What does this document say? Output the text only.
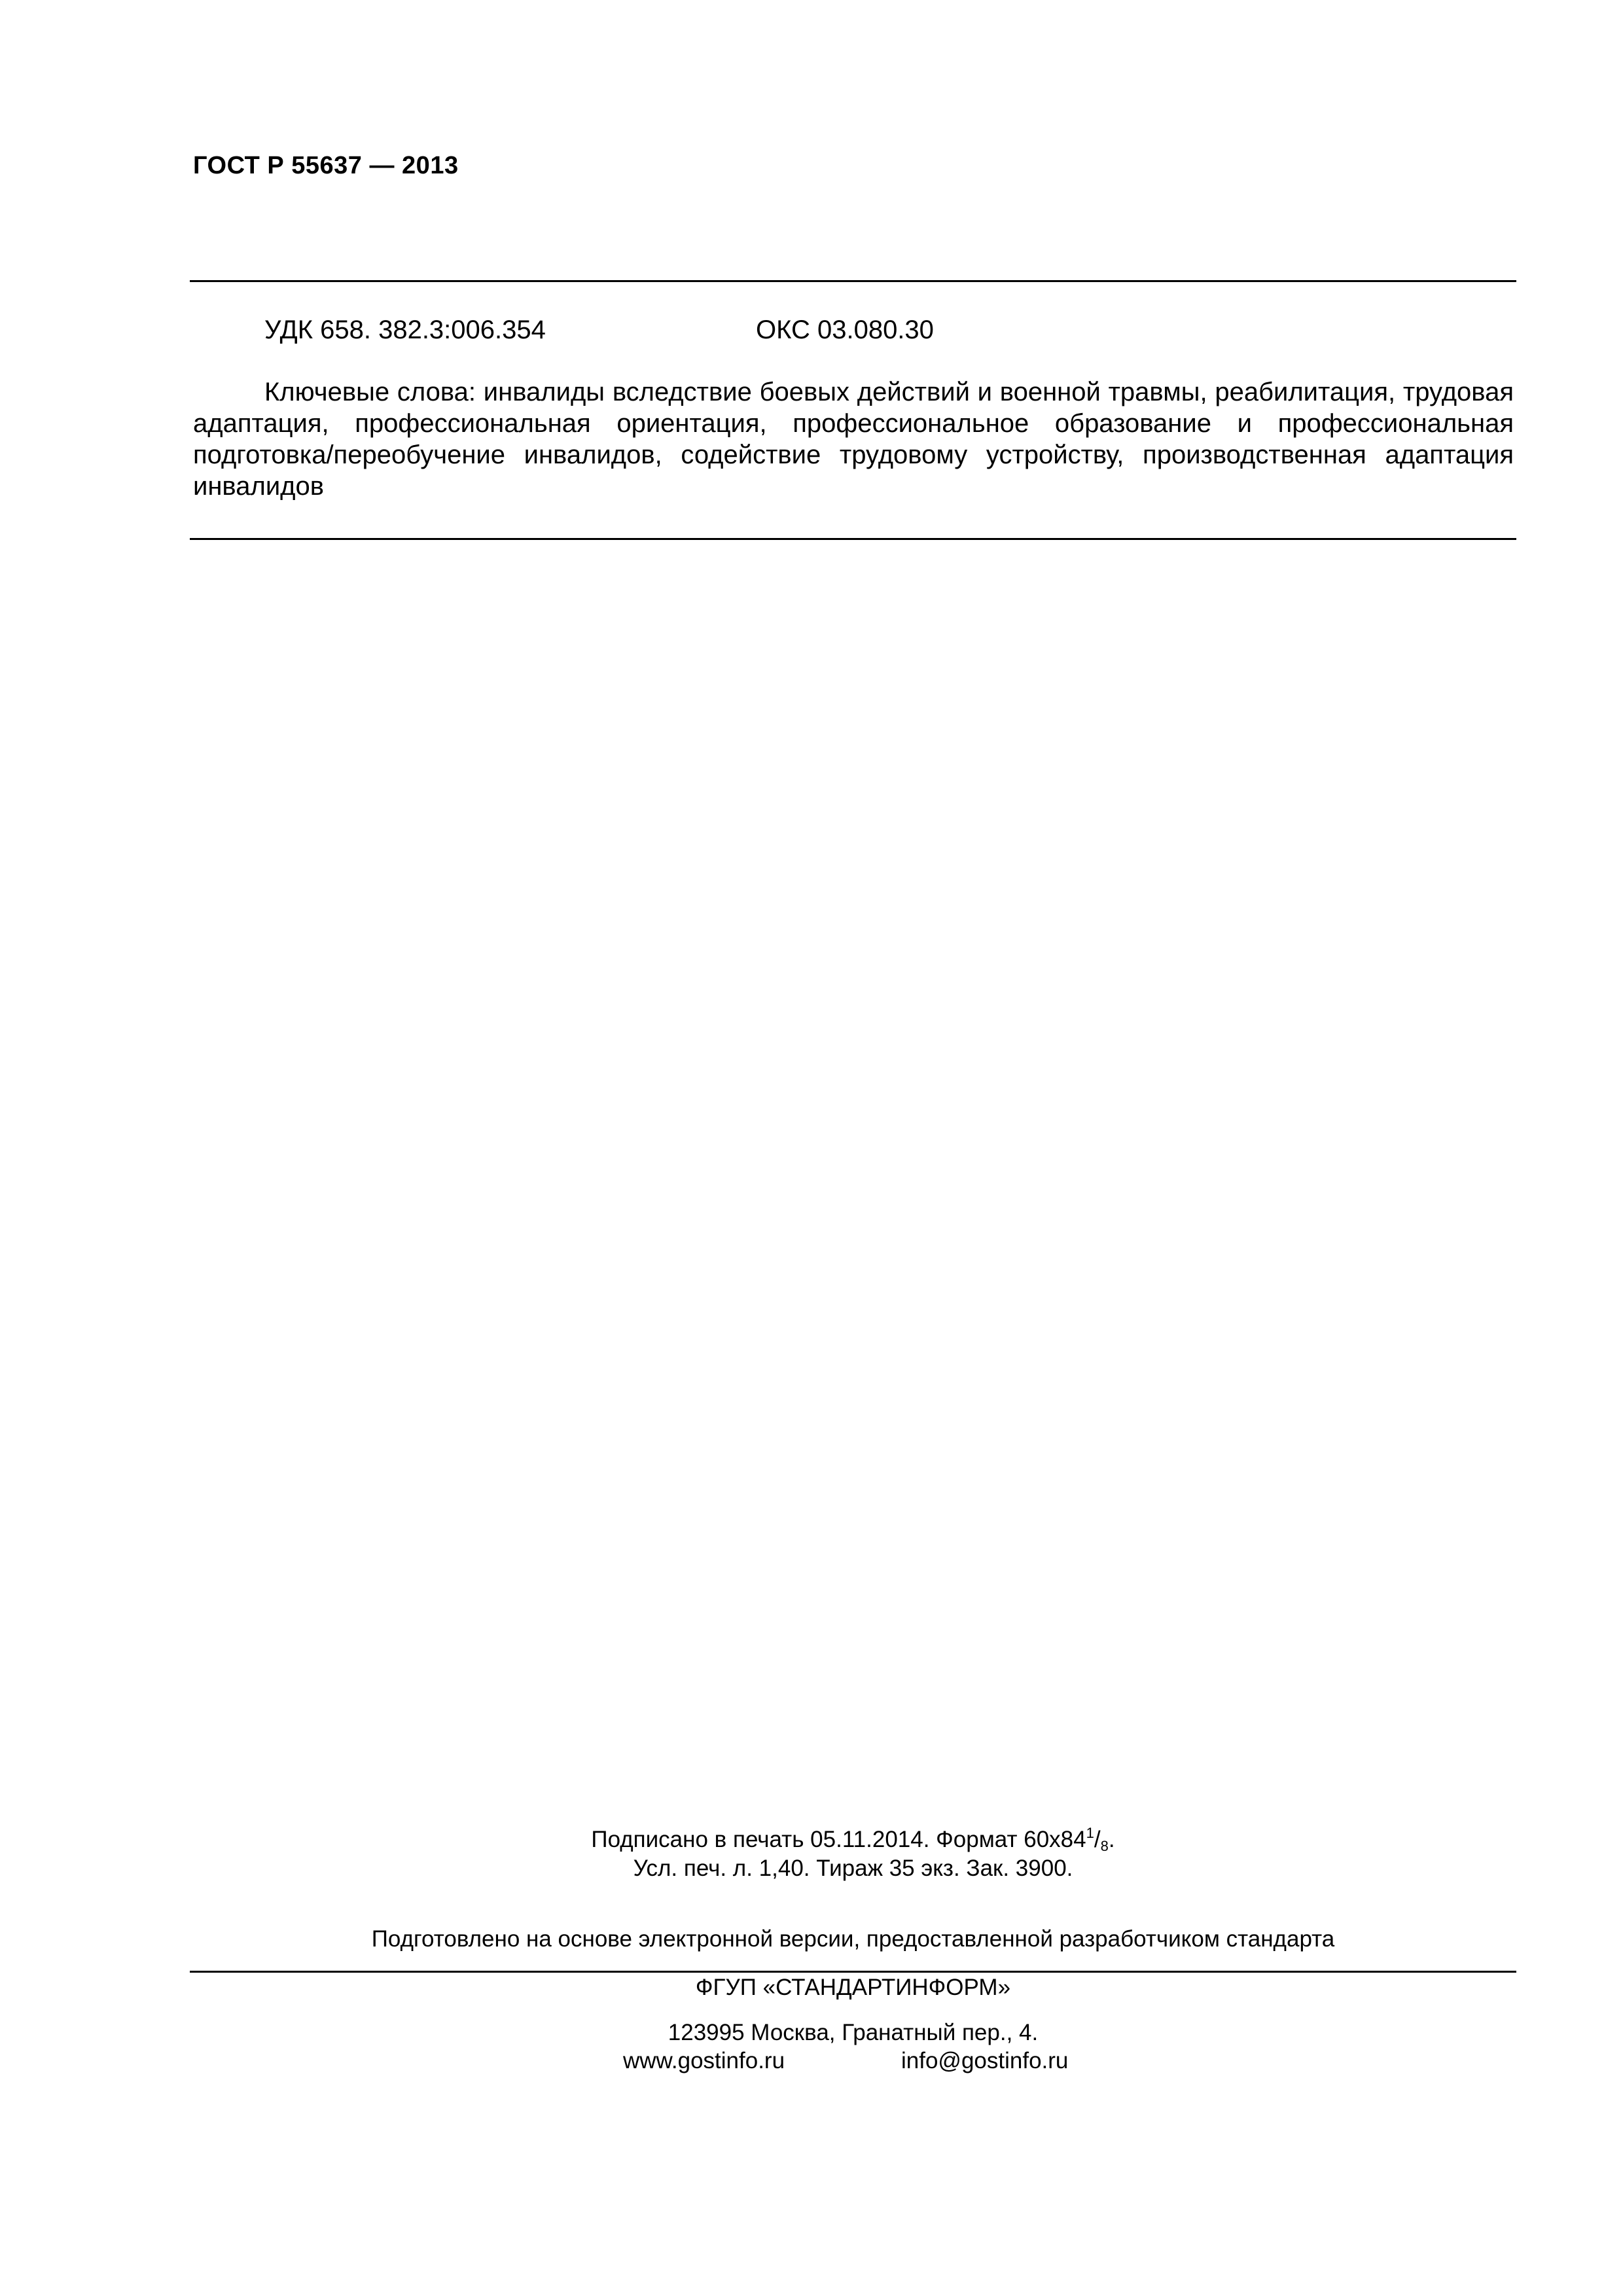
ГОСТ Р 55637 — 2013
УДК 658. 382.3:006.354	ОКС 03.080.30

Ключевые слова: инвалиды вследствие боевых действий и военной травмы, реабилитация, трудовая адаптация, профессиональная ориентация, профессиональное образование и профессиональная подготовка/переобучение инвалидов, содействие трудовому устройству, производственная адаптация инвалидов

Подписано в печать 05.11.2014. Формат $60x84^1/8$.
Усл. печ. л. 1,40. Тираж 35 экз. Зак. 3900.
Подготовлено на основе электронной версии, предоставленной разработчиком стандарта
ФГУП «СТАНДАРТИНФОРМ»
123995 Москва, Гранатный пер., 4.
www.gostinfo.ru	info@gostinfo.ru
